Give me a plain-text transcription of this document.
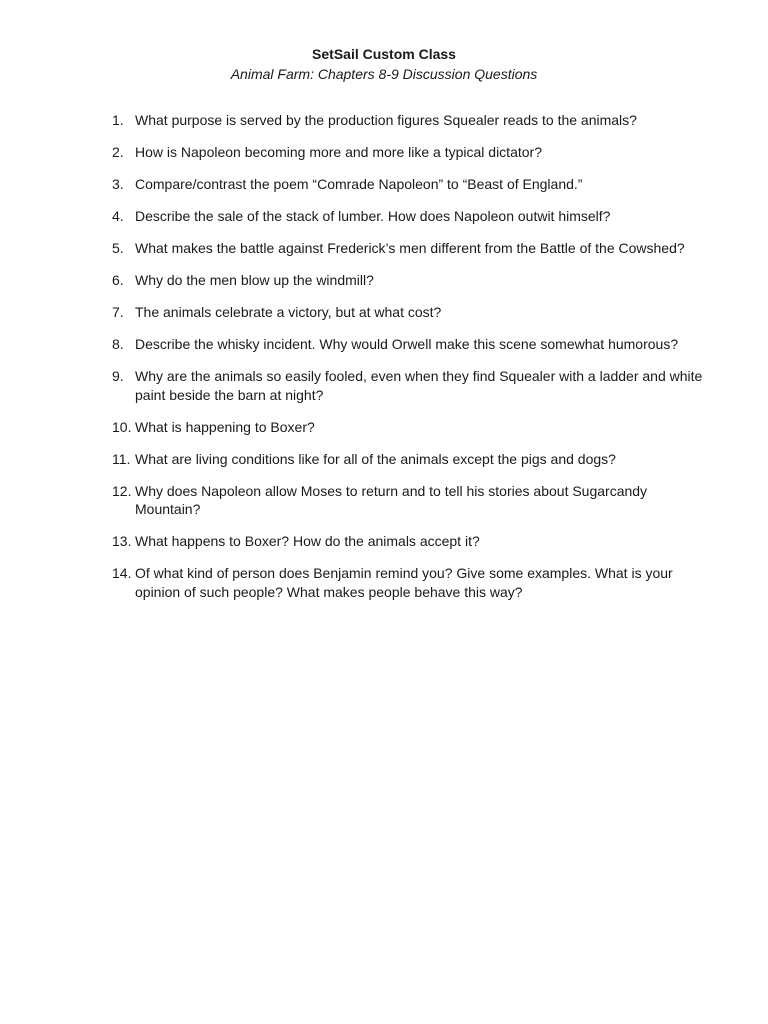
SetSail Custom Class

Animal Farm: Chapters 8-9 Discussion Questions

1. What purpose is served by the production figures Squealer reads to the animals?
2. How is Napoleon becoming more and more like a typical dictator?
3. Compare/contrast the poem “Comrade Napoleon” to “Beast of England.”
4. Describe the sale of the stack of lumber. How does Napoleon outwit himself?
5. What makes the battle against Frederick’s men different from the Battle of the Cowshed?
6. Why do the men blow up the windmill?
7. The animals celebrate a victory, but at what cost?
8. Describe the whisky incident. Why would Orwell make this scene somewhat humorous?
9. Why are the animals so easily fooled, even when they find Squealer with a ladder and white paint beside the barn at night?
10. What is happening to Boxer?
11. What are living conditions like for all of the animals except the pigs and dogs?
12. Why does Napoleon allow Moses to return and to tell his stories about Sugarcandy Mountain?
13. What happens to Boxer? How do the animals accept it?
14. Of what kind of person does Benjamin remind you? Give some examples. What is your opinion of such people? What makes people behave this way?
